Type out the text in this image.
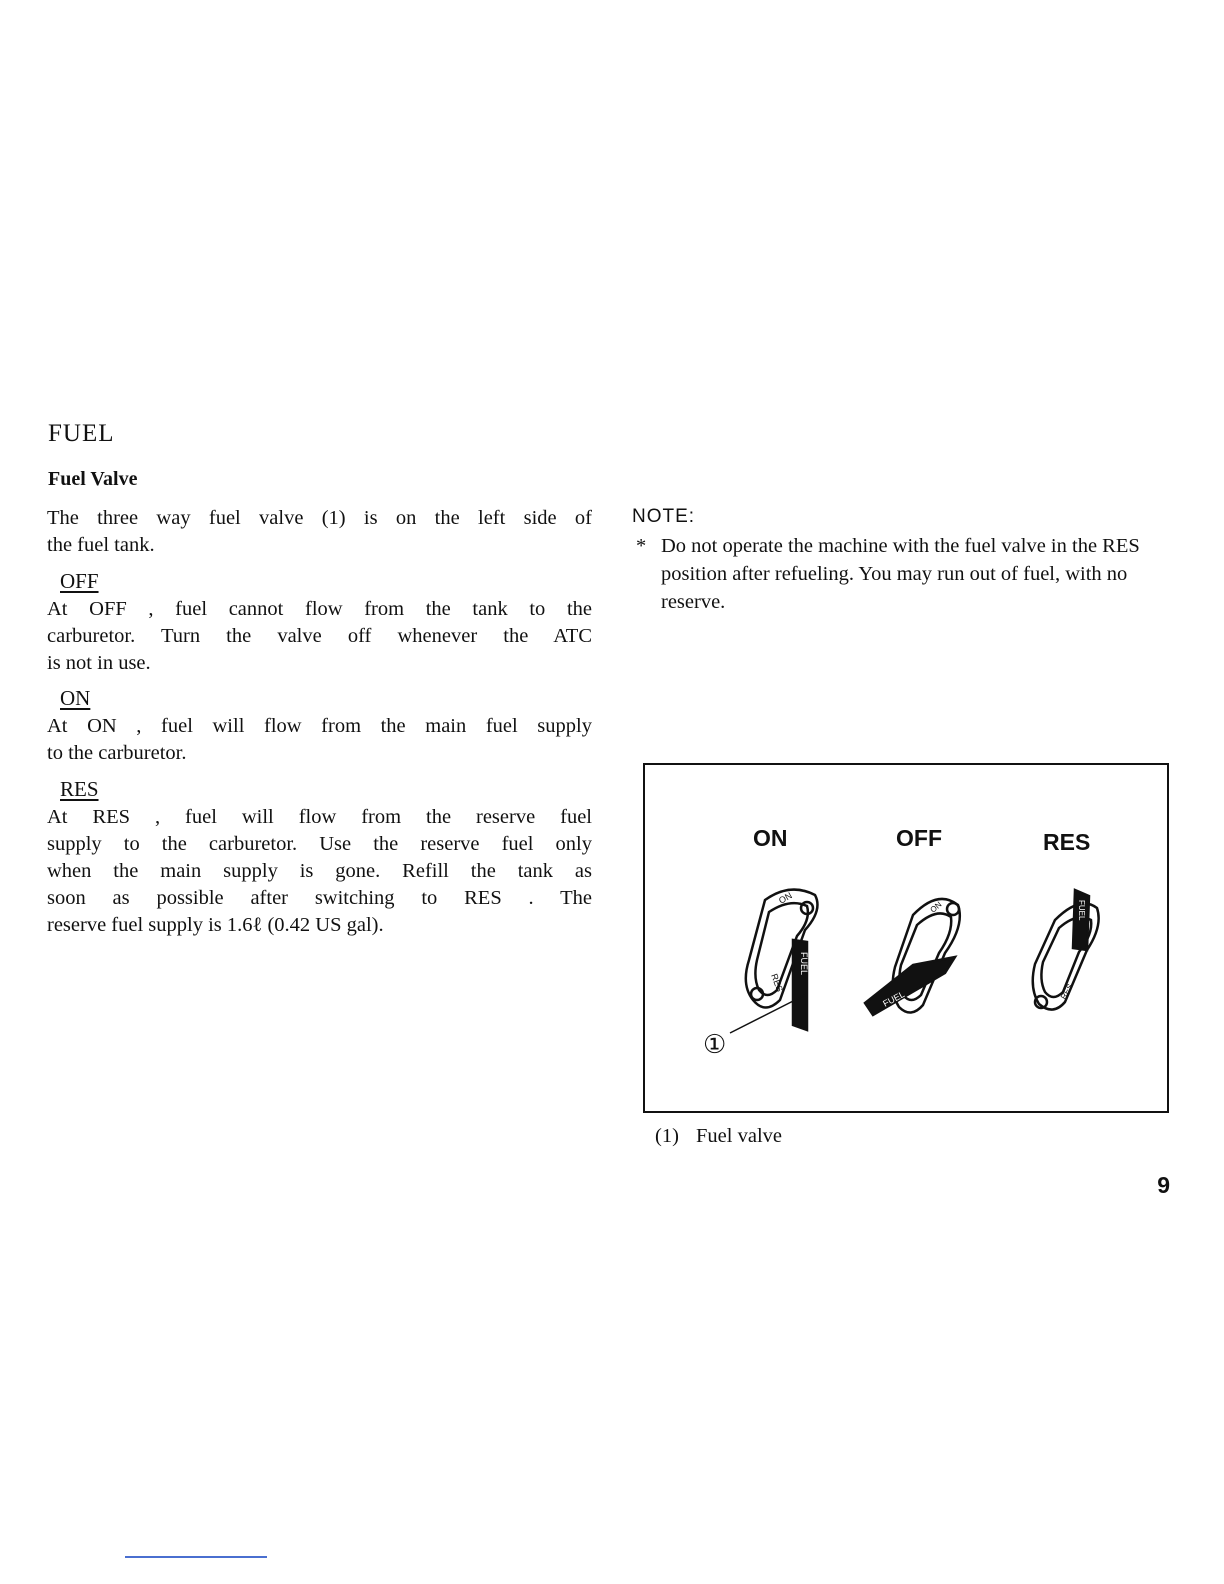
FUEL
Fuel Valve
The three way fuel valve (1) is on the left side of
the fuel tank.
OFF
At OFF , fuel cannot flow from the tank to the
carburetor. Turn the valve off whenever the ATC
is not in use.
ON
At ON , fuel will flow from the main fuel supply
to the carburetor.
RES
At RES , fuel will flow from the reserve fuel
supply to the carburetor. Use the reserve fuel only
when the main supply is gone. Refill the tank as
soon as possible after switching to RES . The
reserve fuel supply is 1.6ℓ (0.42 US gal).
NOTE:
* Do not operate the machine with the fuel valve in the RES position after refueling. You may run out of fuel, with no reserve.
ON	OFF	RES
ON
RES
FUEL
FUEL
ON	FUEL
RES
①
(1) Fuel valve
9
